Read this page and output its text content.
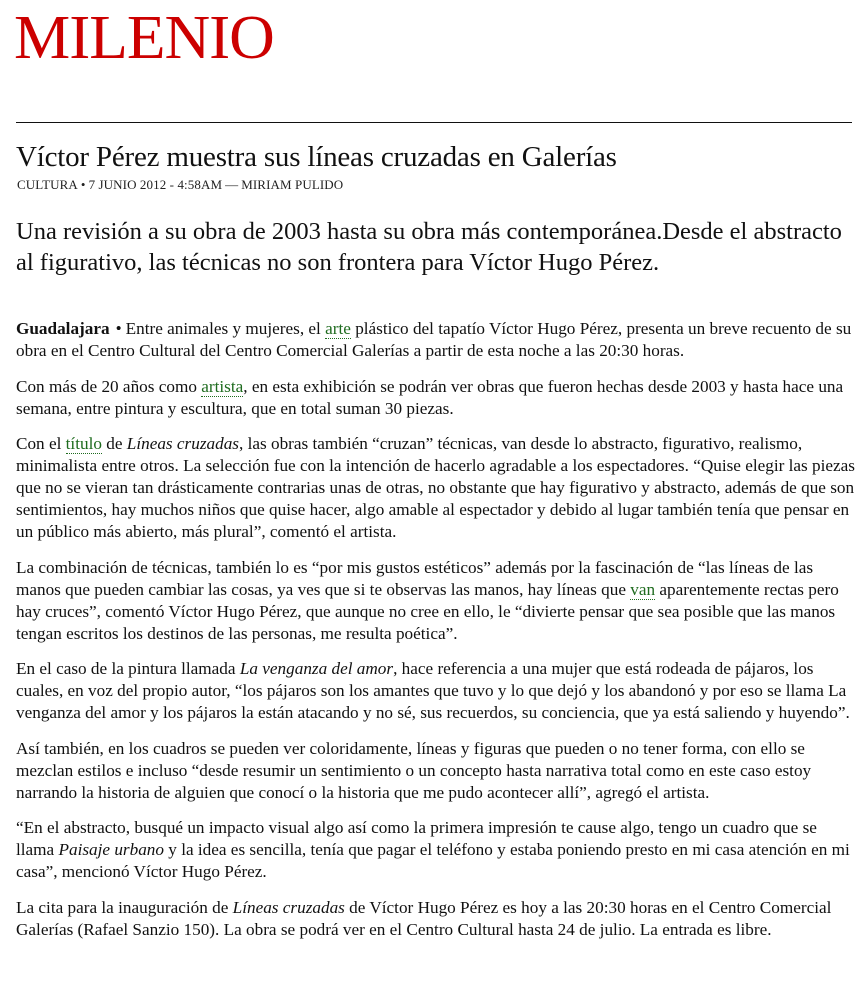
MILENIO
Víctor Pérez muestra sus líneas cruzadas en Galerías
CULTURA • 7 JUNIO 2012 - 4:58AM — MIRIAM PULIDO

Una revisión a su obra de 2003 hasta su obra más contemporánea.Desde el abstracto al figurativo, las técnicas no son frontera para Víctor Hugo Pérez.

Guadalajara • Entre animales y mujeres, el arte plástico del tapatío Víctor Hugo Pérez, presenta un breve recuento de su obra en el Centro Cultural del Centro Comercial Galerías a partir de esta noche a las 20:30 horas.

Con más de 20 años como artista, en esta exhibición se podrán ver obras que fueron hechas desde 2003 y hasta hace una semana, entre pintura y escultura, que en total suman 30 piezas.

Con el título de Líneas cruzadas, las obras también “cruzan” técnicas, van desde lo abstracto, figurativo, realismo, minimalista entre otros. La selección fue con la intención de hacerlo agradable a los espectadores. “Quise elegir las piezas que no se vieran tan drásticamente contrarias unas de otras, no obstante que hay figurativo y abstracto, además de que son sentimientos, hay muchos niños que quise hacer, algo amable al espectador y debido al lugar también tenía que pensar en un público más abierto, más plural”, comentó el artista.

La combinación de técnicas, también lo es “por mis gustos estéticos” además por la fascinación de “las líneas de las manos que pueden cambiar las cosas, ya ves que si te observas las manos, hay líneas que van aparentemente rectas pero hay cruces”, comentó Víctor Hugo Pérez, que aunque no cree en ello, le “divierte pensar que sea posible que las manos tengan escritos los destinos de las personas, me resulta poética”.

En el caso de la pintura llamada La venganza del amor, hace referencia a una mujer que está rodeada de pájaros, los cuales, en voz del propio autor, “los pájaros son los amantes que tuvo y lo que dejó y los abandonó y por eso se llama La venganza del amor y los pájaros la están atacando y no sé, sus recuerdos, su conciencia, que ya está saliendo y huyendo”.

Así también, en los cuadros se pueden ver coloridamente, líneas y figuras que pueden o no tener forma, con ello se mezclan estilos e incluso “desde resumir un sentimiento o un concepto hasta narrativa total como en este caso estoy narrando la historia de alguien que conocí o la historia que me pudo acontecer allí”, agregó el artista.

“En el abstracto, busqué un impacto visual algo así como la primera impresión te cause algo, tengo un cuadro que se llama Paisaje urbano y la idea es sencilla, tenía que pagar el teléfono y estaba poniendo presto en mi casa atención en mi casa”, mencionó Víctor Hugo Pérez.

La cita para la inauguración de Líneas cruzadas de Víctor Hugo Pérez es hoy a las 20:30 horas en el Centro Comercial Galerías (Rafael Sanzio 150). La obra se podrá ver en el Centro Cultural hasta 24 de julio. La entrada es libre.
